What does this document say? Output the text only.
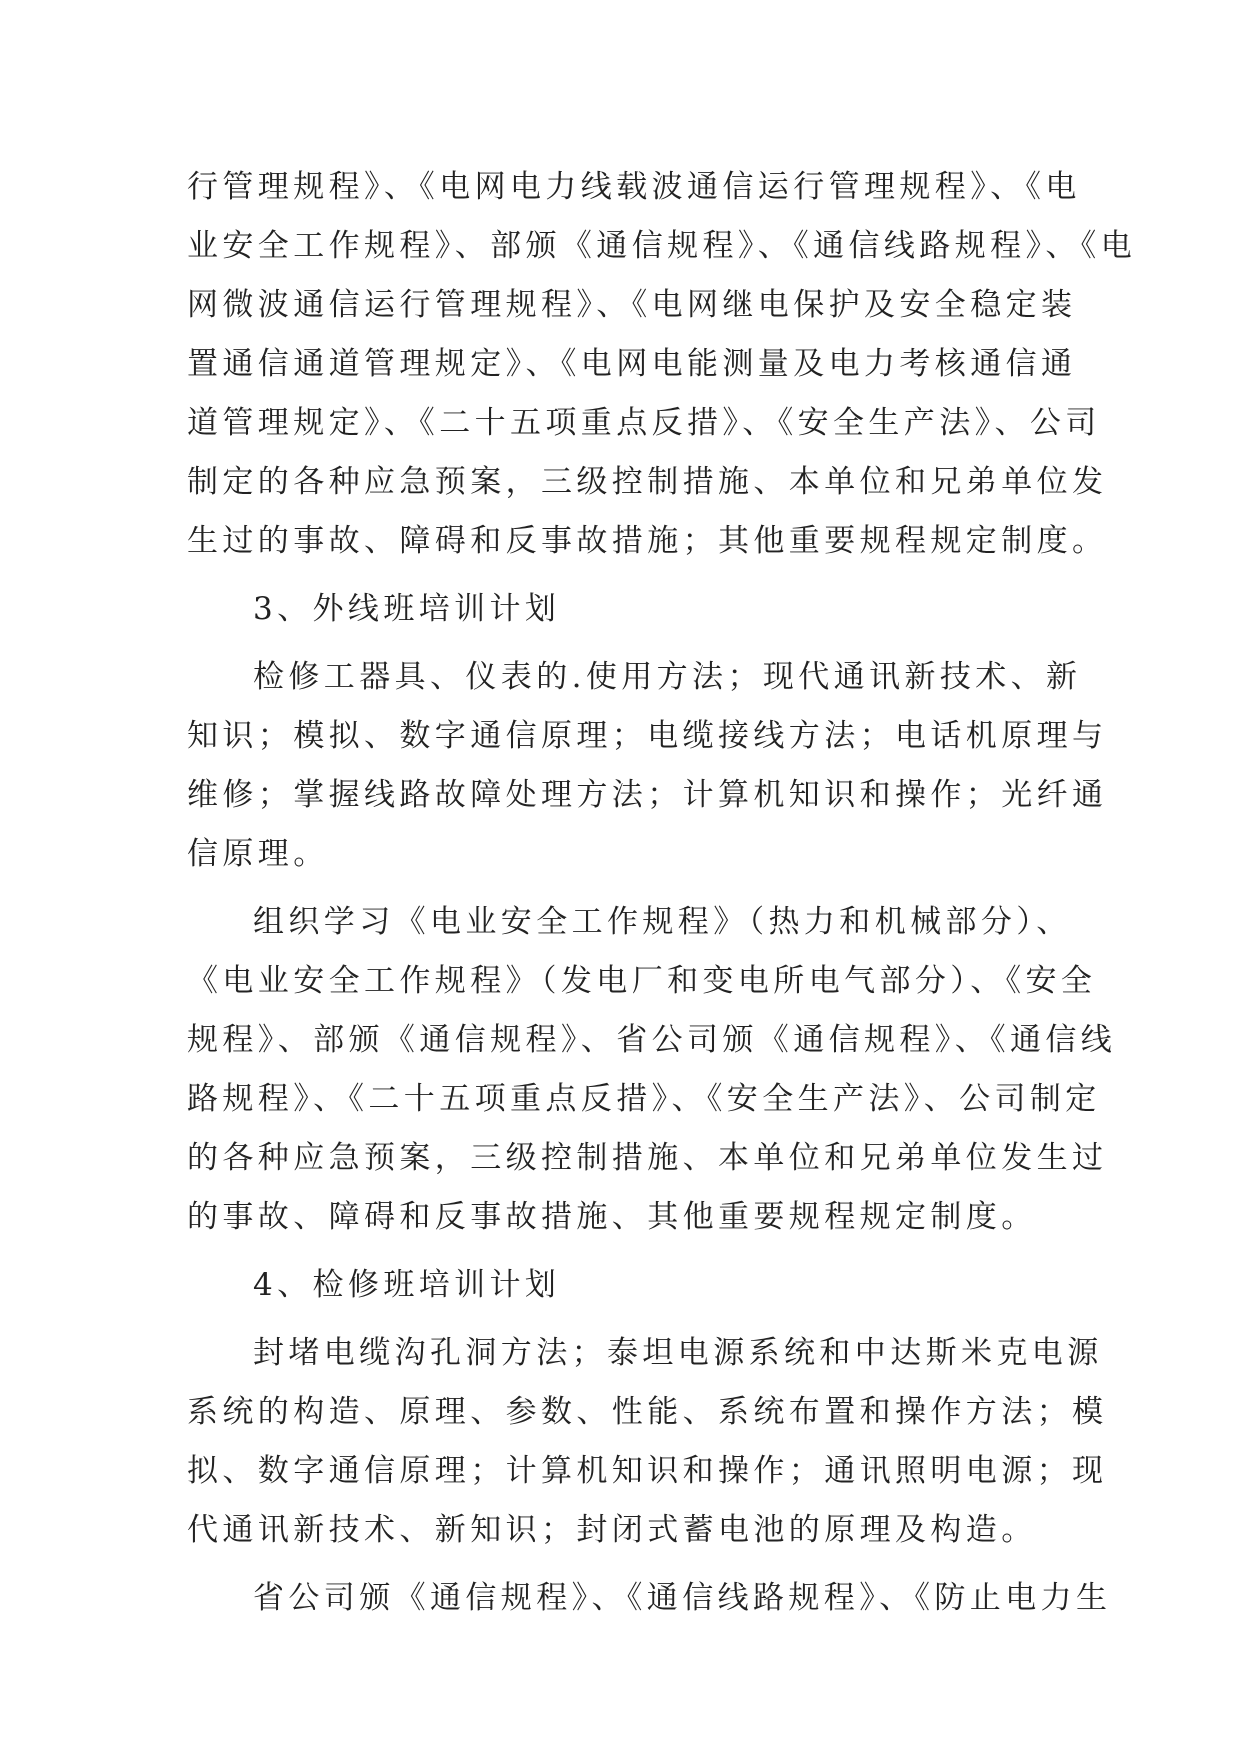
行管理规程》、《电网电力线载波通信运行管理规程》、《电
业安全工作规程》、部颁《通信规程》、《通信线路规程》、《电
网微波通信运行管理规程》、《电网继电保护及安全稳定装
置通信通道管理规定》、《电网电能测量及电力考核通信通
道管理规定》、《二十五项重点反措》、《安全生产法》、公司
制定的各种应急预案，三级控制措施、本单位和兄弟单位发
生过的事故、障碍和反事故措施；其他重要规程规定制度。
3、外线班培训计划
检修工器具、仪表的.使用方法；现代通讯新技术、新
知识；模拟、数字通信原理；电缆接线方法；电话机原理与
维修；掌握线路故障处理方法；计算机知识和操作；光纤通
信原理。
组织学习《电业安全工作规程》（热力和机械部分）、
《电业安全工作规程》（发电厂和变电所电气部分）、《安全
规程》、部颁《通信规程》、省公司颁《通信规程》、《通信线
路规程》、《二十五项重点反措》、《安全生产法》、公司制定
的各种应急预案，三级控制措施、本单位和兄弟单位发生过
的事故、障碍和反事故措施、其他重要规程规定制度。
4、检修班培训计划
封堵电缆沟孔洞方法；泰坦电源系统和中达斯米克电源
系统的构造、原理、参数、性能、系统布置和操作方法；模
拟、数字通信原理；计算机知识和操作；通讯照明电源；现
代通讯新技术、新知识；封闭式蓄电池的原理及构造。
省公司颁《通信规程》、《通信线路规程》、《防止电力生
